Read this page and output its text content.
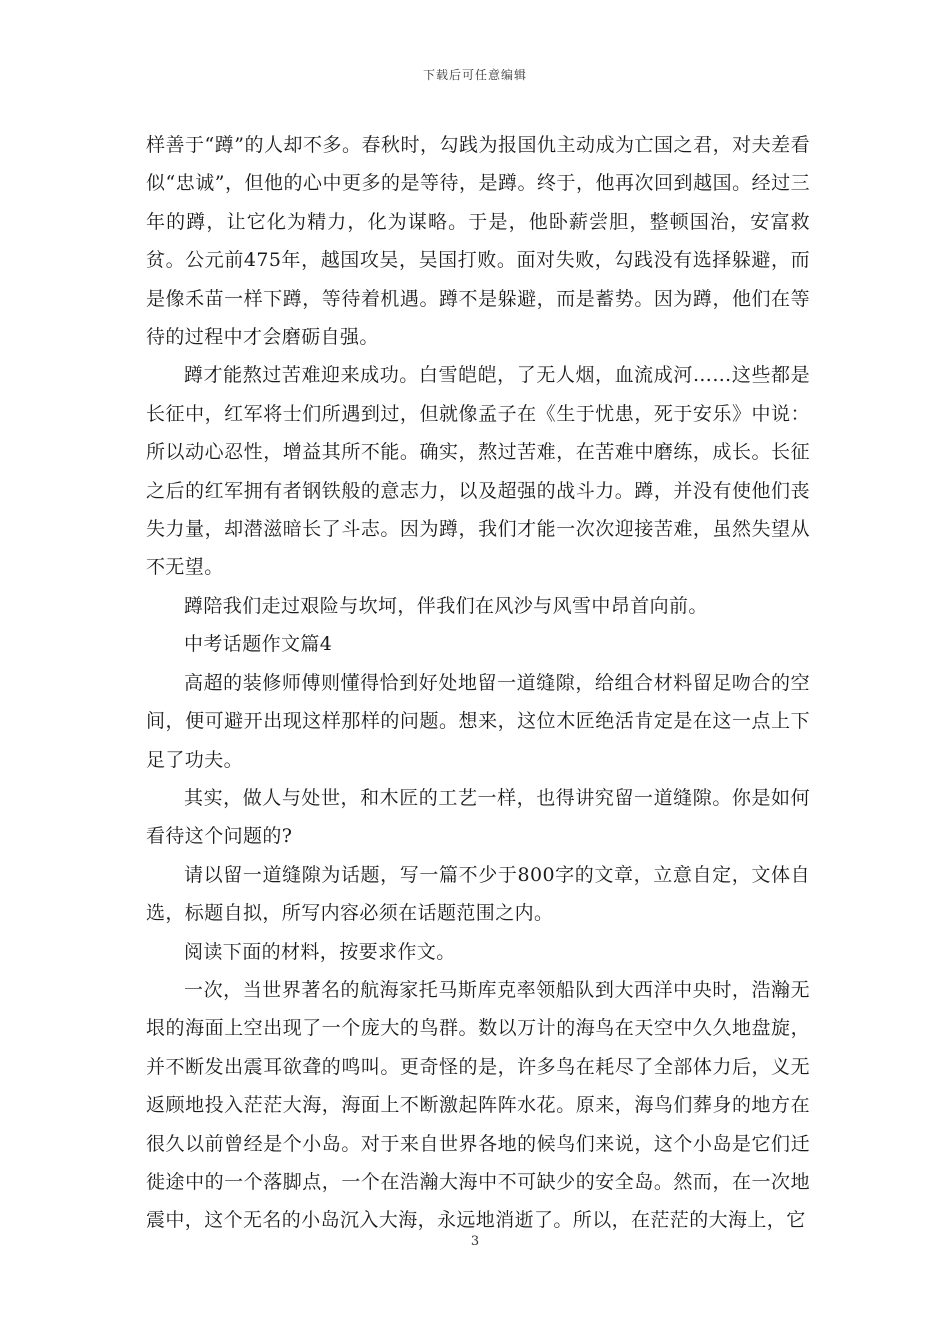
下载后可任意编辑

样善于“蹲”的人却不多。春秋时，勾践为报国仇主动成为亡国之君，对夫差看似“忠诚”，但他的心中更多的是等待，是蹲。终于，他再次回到越国。经过三年的蹲，让它化为精力，化为谋略。于是，他卧薪尝胆，整顿国治，安富救贫。公元前475年，越国攻吴，吴国打败。面对失败，勾践没有选择躲避，而是像禾苗一样下蹲，等待着机遇。蹲不是躲避，而是蓄势。因为蹲，他们在等待的过程中才会磨砺自强。

蹲才能熬过苦难迎来成功。白雪皑皑，了无人烟，血流成河……这些都是长征中，红军将士们所遇到过，但就像孟子在《生于忧患，死于安乐》中说：所以动心忍性，增益其所不能。确实，熬过苦难，在苦难中磨练，成长。长征之后的红军拥有者钢铁般的意志力，以及超强的战斗力。蹲，并没有使他们丧失力量，却潜滋暗长了斗志。因为蹲，我们才能一次次迎接苦难，虽然失望从不无望。

蹲陪我们走过艰险与坎坷，伴我们在风沙与风雪中昂首向前。

中考话题作文篇4

高超的装修师傅则懂得恰到好处地留一道缝隙，给组合材料留足吻合的空间，便可避开出现这样那样的问题。想来，这位木匠绝活肯定是在这一点上下足了功夫。

其实，做人与处世，和木匠的工艺一样，也得讲究留一道缝隙。你是如何看待这个问题的?

请以留一道缝隙为话题，写一篇不少于800字的文章，立意自定，文体自选，标题自拟，所写内容必须在话题范围之内。

阅读下面的材料，按要求作文。

一次，当世界著名的航海家托马斯库克率领船队到大西洋中央时，浩瀚无垠的海面上空出现了一个庞大的鸟群。数以万计的海鸟在天空中久久地盘旋，并不断发出震耳欲聋的鸣叫。更奇怪的是，许多鸟在耗尽了全部体力后，义无返顾地投入茫茫大海，海面上不断激起阵阵水花。原来，海鸟们葬身的地方在很久以前曾经是个小岛。对于来自世界各地的候鸟们来说，这个小岛是它们迁徙途中的一个落脚点，一个在浩瀚大海中不可缺少的安全岛。然而，在一次地震中，这个无名的小岛沉入大海，永远地消逝了。所以，在茫茫的大海上，它

3
